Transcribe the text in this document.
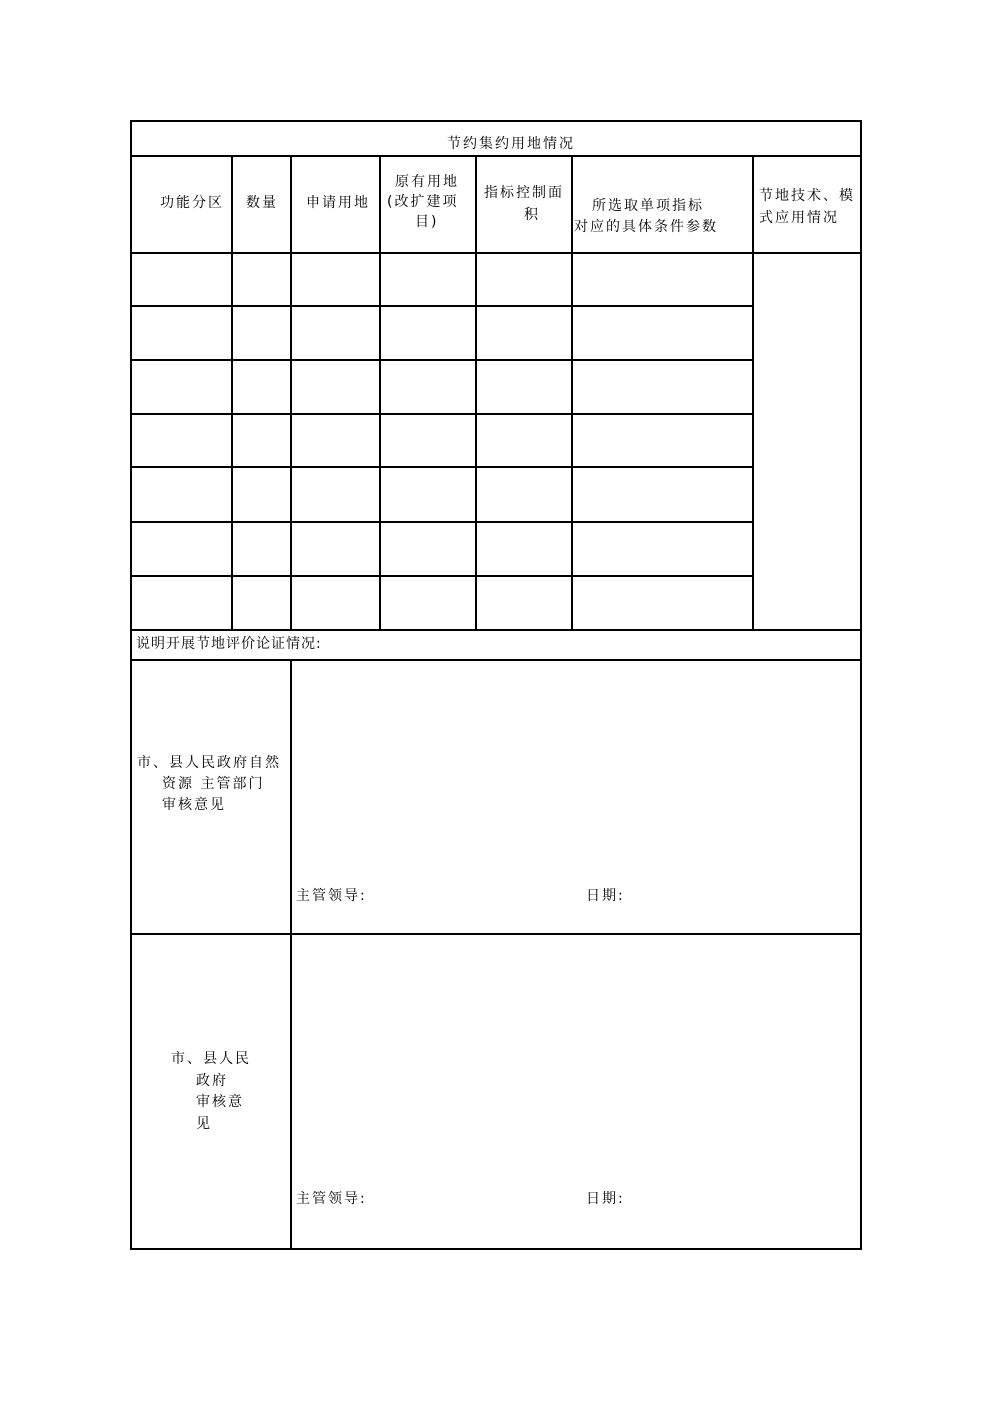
节约集约用地情况
功能分区 数量 申请用地
原有用地
(改扩建项
目)
指标控制面
积
所选取单项指标
对应的具体条件参数
节地技术、模
式应用情况
说明开展节地评价论证情况:
市、县人民政府自然
资源 主管部门
审核意见
主管领导:	日期:
市、县人民
政府
审核意
见
主管领导:	日期:
